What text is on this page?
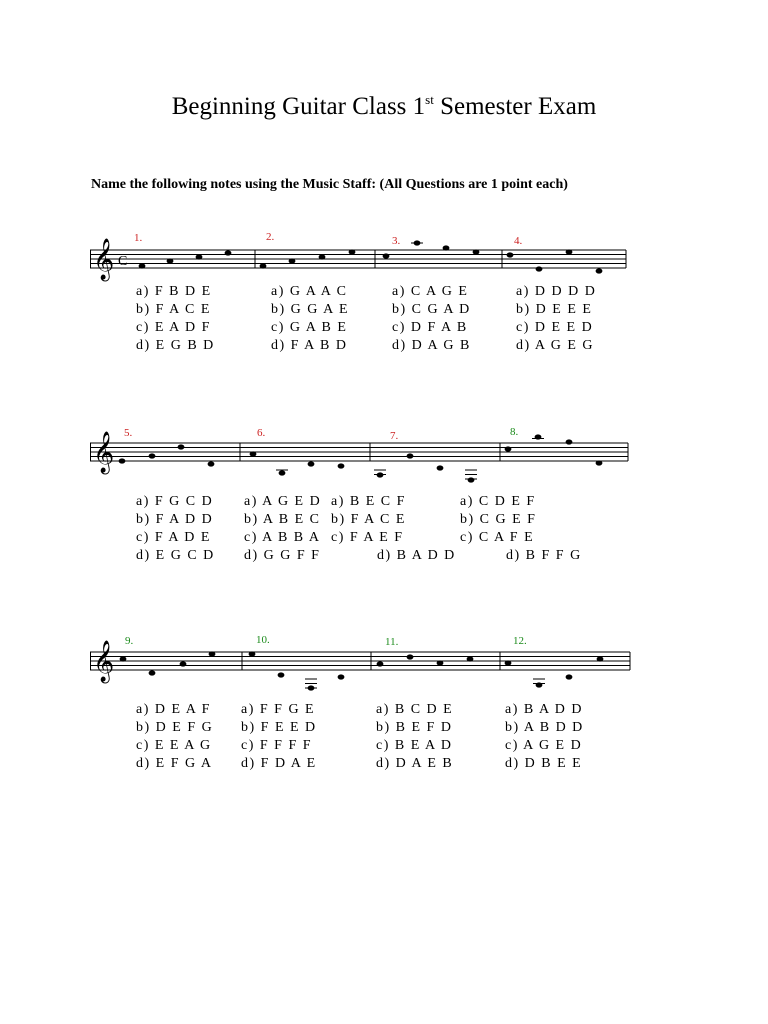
Beginning Guitar Class 1st Semester Exam
Name the following notes using the Music Staff: (All Questions are 1 point each)
𝄞 C
1.	2.	3.	4.
a) F B D E
b) F A C E
c) E A D F
d) E G B D
a) G A A C
b) G G A E
c) G A B E
d) F A B D
a) C A G E
b) C G A D
c) D F A B
d) D A G B
a) D D D D
b) D E E E
c) D E E D
d) A G E G
𝄞 5.	6.	7.	8.
a) F G C D
b) F A D D
c) F A D E
d) E G C D
a) A G E D
b) A B E C
c) A B B A
d) G G F F
a) B E C F
b) F A C E
c) F A E F
d) B A D D
a) C D E F
b) C G E F
c) C A F E
d) B F F G
𝄞 9.	10.	11.	12.
a) D E A F
b) D E F G
c) E E A G
d) E F G A
a) F F G E
b) F E E D
c) F F F F
d) F D A E
a) B C D E
b) B E F D
c) B E A D
d) D A E B
a) B A D D
b) A B D D
c) A G E D
d) D B E E
